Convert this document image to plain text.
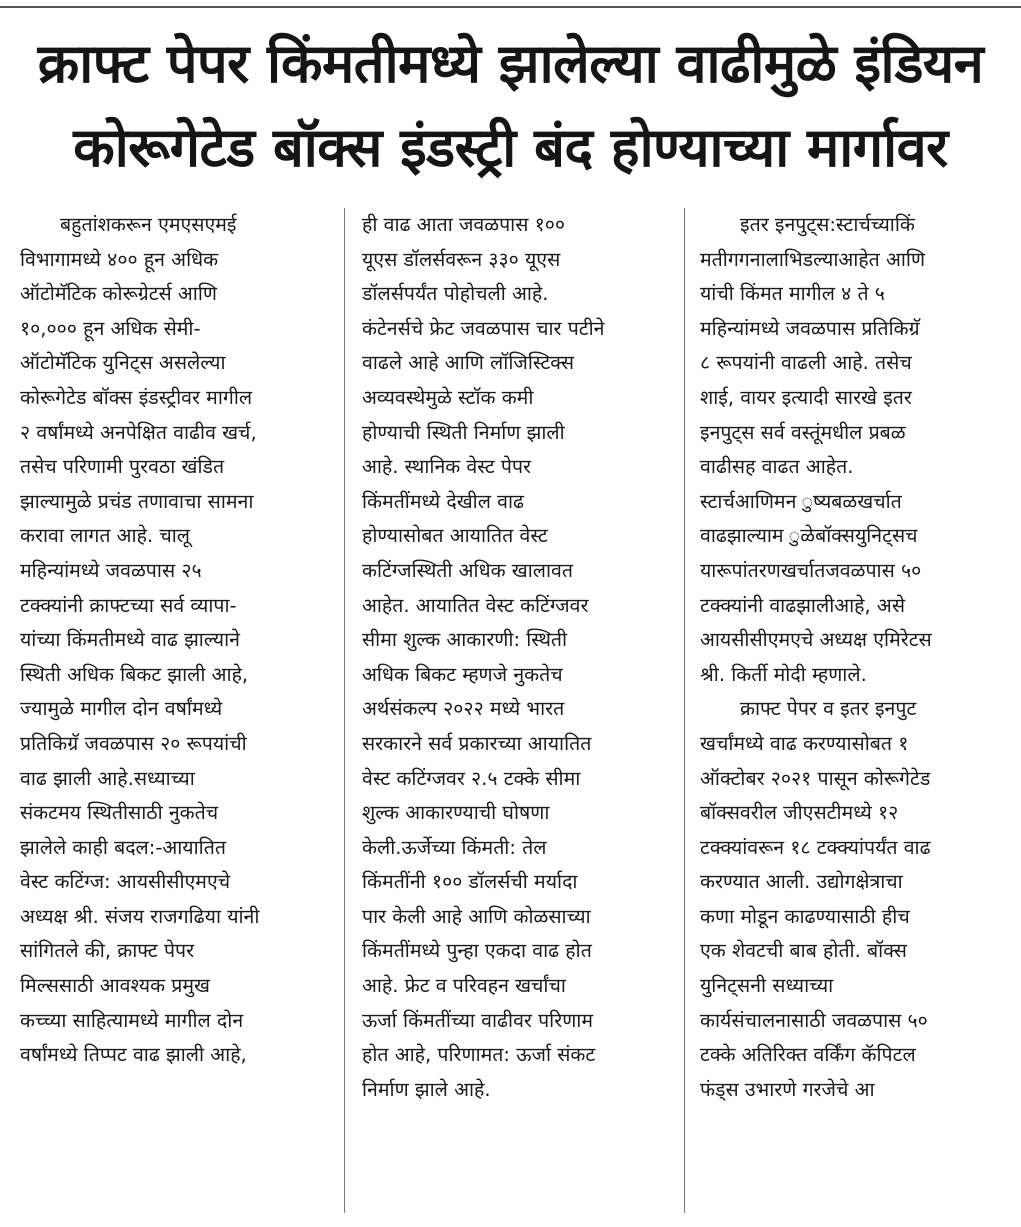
क्राफ्ट पेपर किंमतीमध्ये झालेल्या वाढीमुळे इंडियन
कोरूगेटेड बॉक्स इंडस्ट्री बंद होण्याच्या मार्गावर
बहुतांशकरून एमएसएमई
विभागामध्ये ४०० हून अधिक
ऑटोमॅटिक कोरूग्रेटर्स आणि
१०,००० हून अधिक सेमी-
ऑटोमॅटिक युनिट्स असलेल्या
कोरूगेटेड बॉक्स इंडस्ट्रीवर मागील
२ वर्षांमध्ये अनपेक्षित वाढीव खर्च,
तसेच परिणामी पुरवठा खंडित
झाल्यामुळे प्रचंड तणावाचा सामना
करावा लागत आहे. चालू
महिन्यांमध्ये जवळपास २५
टक्क्यांनी क्राफ्टच्या सर्व व्यापा-
यांच्या किंमतीमध्ये वाढ झाल्याने
स्थिती अधिक बिकट झाली आहे,
ज्यामुळे मागील दोन वर्षांमध्ये
प्रतिकिग्रॅ जवळपास २० रूपयांची
वाढ झाली आहे.सध्याच्या
संकटमय स्थितीसाठी नुकतेच
झालेले काही बदल:-आयातित
वेस्ट कटिंग्ज: आयसीसीएमएचे
अध्यक्ष श्री. संजय राजगढिया यांनी
सांगितले की, क्राफ्ट पेपर
मिल्ससाठी आवश्यक प्रमुख
कच्च्या साहित्यामध्ये मागील दोन
वर्षांमध्ये तिप्पट वाढ झाली आहे,
ही वाढ आता जवळपास १००
यूएस डॉलर्सवरून ३३० यूएस
डॉलर्सपर्यंत पोहोचली आहे.
कंटेनर्सचे फ्रेट जवळपास चार पटीने
वाढले आहे आणि लॉजिस्टिक्स
अव्यवस्थेमुळे स्टॉक कमी
होण्याची स्थिती निर्माण झाली
आहे. स्थानिक वेस्ट पेपर
किंमतींमध्ये देखील वाढ
होण्यासोबत आयातित वेस्ट
कटिंग्जस्थिती अधिक खालावत
आहेत. आयातित वेस्ट कटिंग्जवर
सीमा शुल्क आकारणी: स्थिती
अधिक बिकट म्हणजे नुकतेच
अर्थसंकल्प २०२२ मध्ये भारत
सरकारने सर्व प्रकारच्या आयातित
वेस्ट कटिंग्जवर २.५ टक्के सीमा
शुल्क आकारण्याची घोषणा
केली.ऊर्जेच्या किंमती: तेल
किंमतींनी १०० डॉलर्सची मर्यादा
पार केली आहे आणि कोळसाच्या
किंमतींमध्ये पुन्हा एकदा वाढ होत
आहे. फ्रेट व परिवहन खर्चांचा
ऊर्जा किंमतींच्या वाढीवर परिणाम
होत आहे, परिणामत: ऊर्जा संकट
निर्माण झाले आहे.
इतर इनपुट्स:स्टार्चच्याकिं
मतीगगनालाभिडल्याआहेत आणि
यांची किंमत मागील ४ ते ५
महिन्यांमध्ये जवळपास प्रतिकिग्रॅ
८ रूपयांनी वाढली आहे. तसेच
शाई, वायर इत्यादी सारखे इतर
इनपुट्स सर्व वस्तूंमधील प्रबळ
वाढीसह वाढत आहेत.
स्टार्चआणिमन ुष्यबळखर्चात
वाढझाल्याम ुळेबॉक्सयुनिट्सच
यारूपांतरणखर्चातजवळपास ५०
टक्क्यांनी वाढझालीआहे, असे
आयसीसीएमएचे अध्यक्ष एमिरेटस
श्री. किर्ती मोदी म्हणाले.
क्राफ्ट पेपर व इतर इनपुट
खर्चांमध्ये वाढ करण्यासोबत १
ऑक्टोबर २०२१ पासून कोरूगेटेड
बॉक्सवरील जीएसटीमध्ये १२
टक्क्यांवरून १८ टक्क्यांपर्यंत वाढ
करण्यात आली. उद्योगक्षेत्राचा
कणा मोडून काढण्यासाठी हीच
एक शेवटची बाब होती. बॉक्स
युनिट्सनी सध्याच्या
कार्यसंचालनासाठी जवळपास ५०
टक्के अतिरिक्त वर्किंग कॅपिटल
फंड्स उभारणे गरजेचे आ
